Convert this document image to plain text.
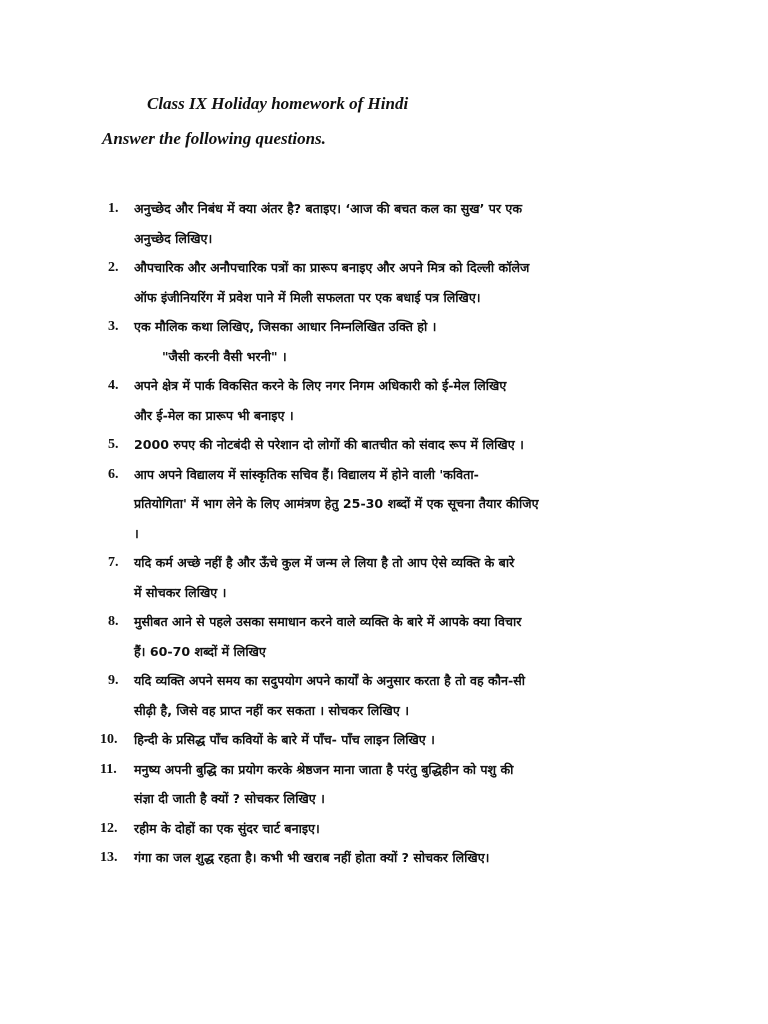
Class IX Holiday homework of Hindi
Answer the following questions.
1. अनुच्छेद और निबंध में क्या अंतर है? बताइए। ‘आज की बचत कल का सुख’ पर एक
अनुच्छेद लिखिए।
2. औपचारिक और अनौपचारिक पत्रों का प्रारूप बनाइए और अपने मित्र को दिल्ली कॉलेज
ऑफ इंजीनियरिंग में प्रवेश पाने में मिली सफलता पर एक बधाई पत्र लिखिए।
3. एक मौलिक कथा लिखिए, जिसका आधार निम्नलिखित उक्ति हो ।
"जैसी करनी वैसी भरनी" ।
4. अपने क्षेत्र में पार्क विकसित करने के लिए नगर निगम अधिकारी को ई-मेल लिखिए
और ई-मेल का प्रारूप भी बनाइए ।
5. 2000 रुपए की नोटबंदी से परेशान दो लोगों की बातचीत को संवाद रूप में लिखिए ।
6. आप अपने विद्यालय में सांस्कृतिक सचिव हैं। विद्यालय में होने वाली 'कविता-
प्रतियोगिता' में भाग लेने के लिए आमंत्रण हेतु 25-30 शब्दों में एक सूचना तैयार कीजिए
।
7. यदि कर्म अच्छे नहीं है और ऊँचे कुल में जन्म ले लिया है तो आप ऐसे व्यक्ति के बारे
में सोचकर लिखिए ।
8. मुसीबत आने से पहले उसका समाधान करने वाले व्यक्ति के बारे में आपके क्या विचार
हैं। 60-70 शब्दों में लिखिए
9. यदि व्यक्ति अपने समय का सदुपयोग अपने कार्यों के अनुसार करता है तो वह कौन-सी
सीढ़ी है, जिसे वह प्राप्त नहीं कर सकता । सोचकर लिखिए ।
10. हिन्दी के प्रसिद्ध पाँच कवियों के बारे में पाँच- पाँच लाइन लिखिए ।
11. मनुष्य अपनी बुद्धि का प्रयोग करके श्रेष्ठजन माना जाता है परंतु बुद्धिहीन को पशु की
संज्ञा दी जाती है क्यों ? सोचकर लिखिए ।
12. रहीम के दोहों का एक सुंदर चार्ट बनाइए।
13. गंगा का जल शुद्ध रहता है। कभी भी खराब नहीं होता क्यों ? सोचकर लिखिए।
